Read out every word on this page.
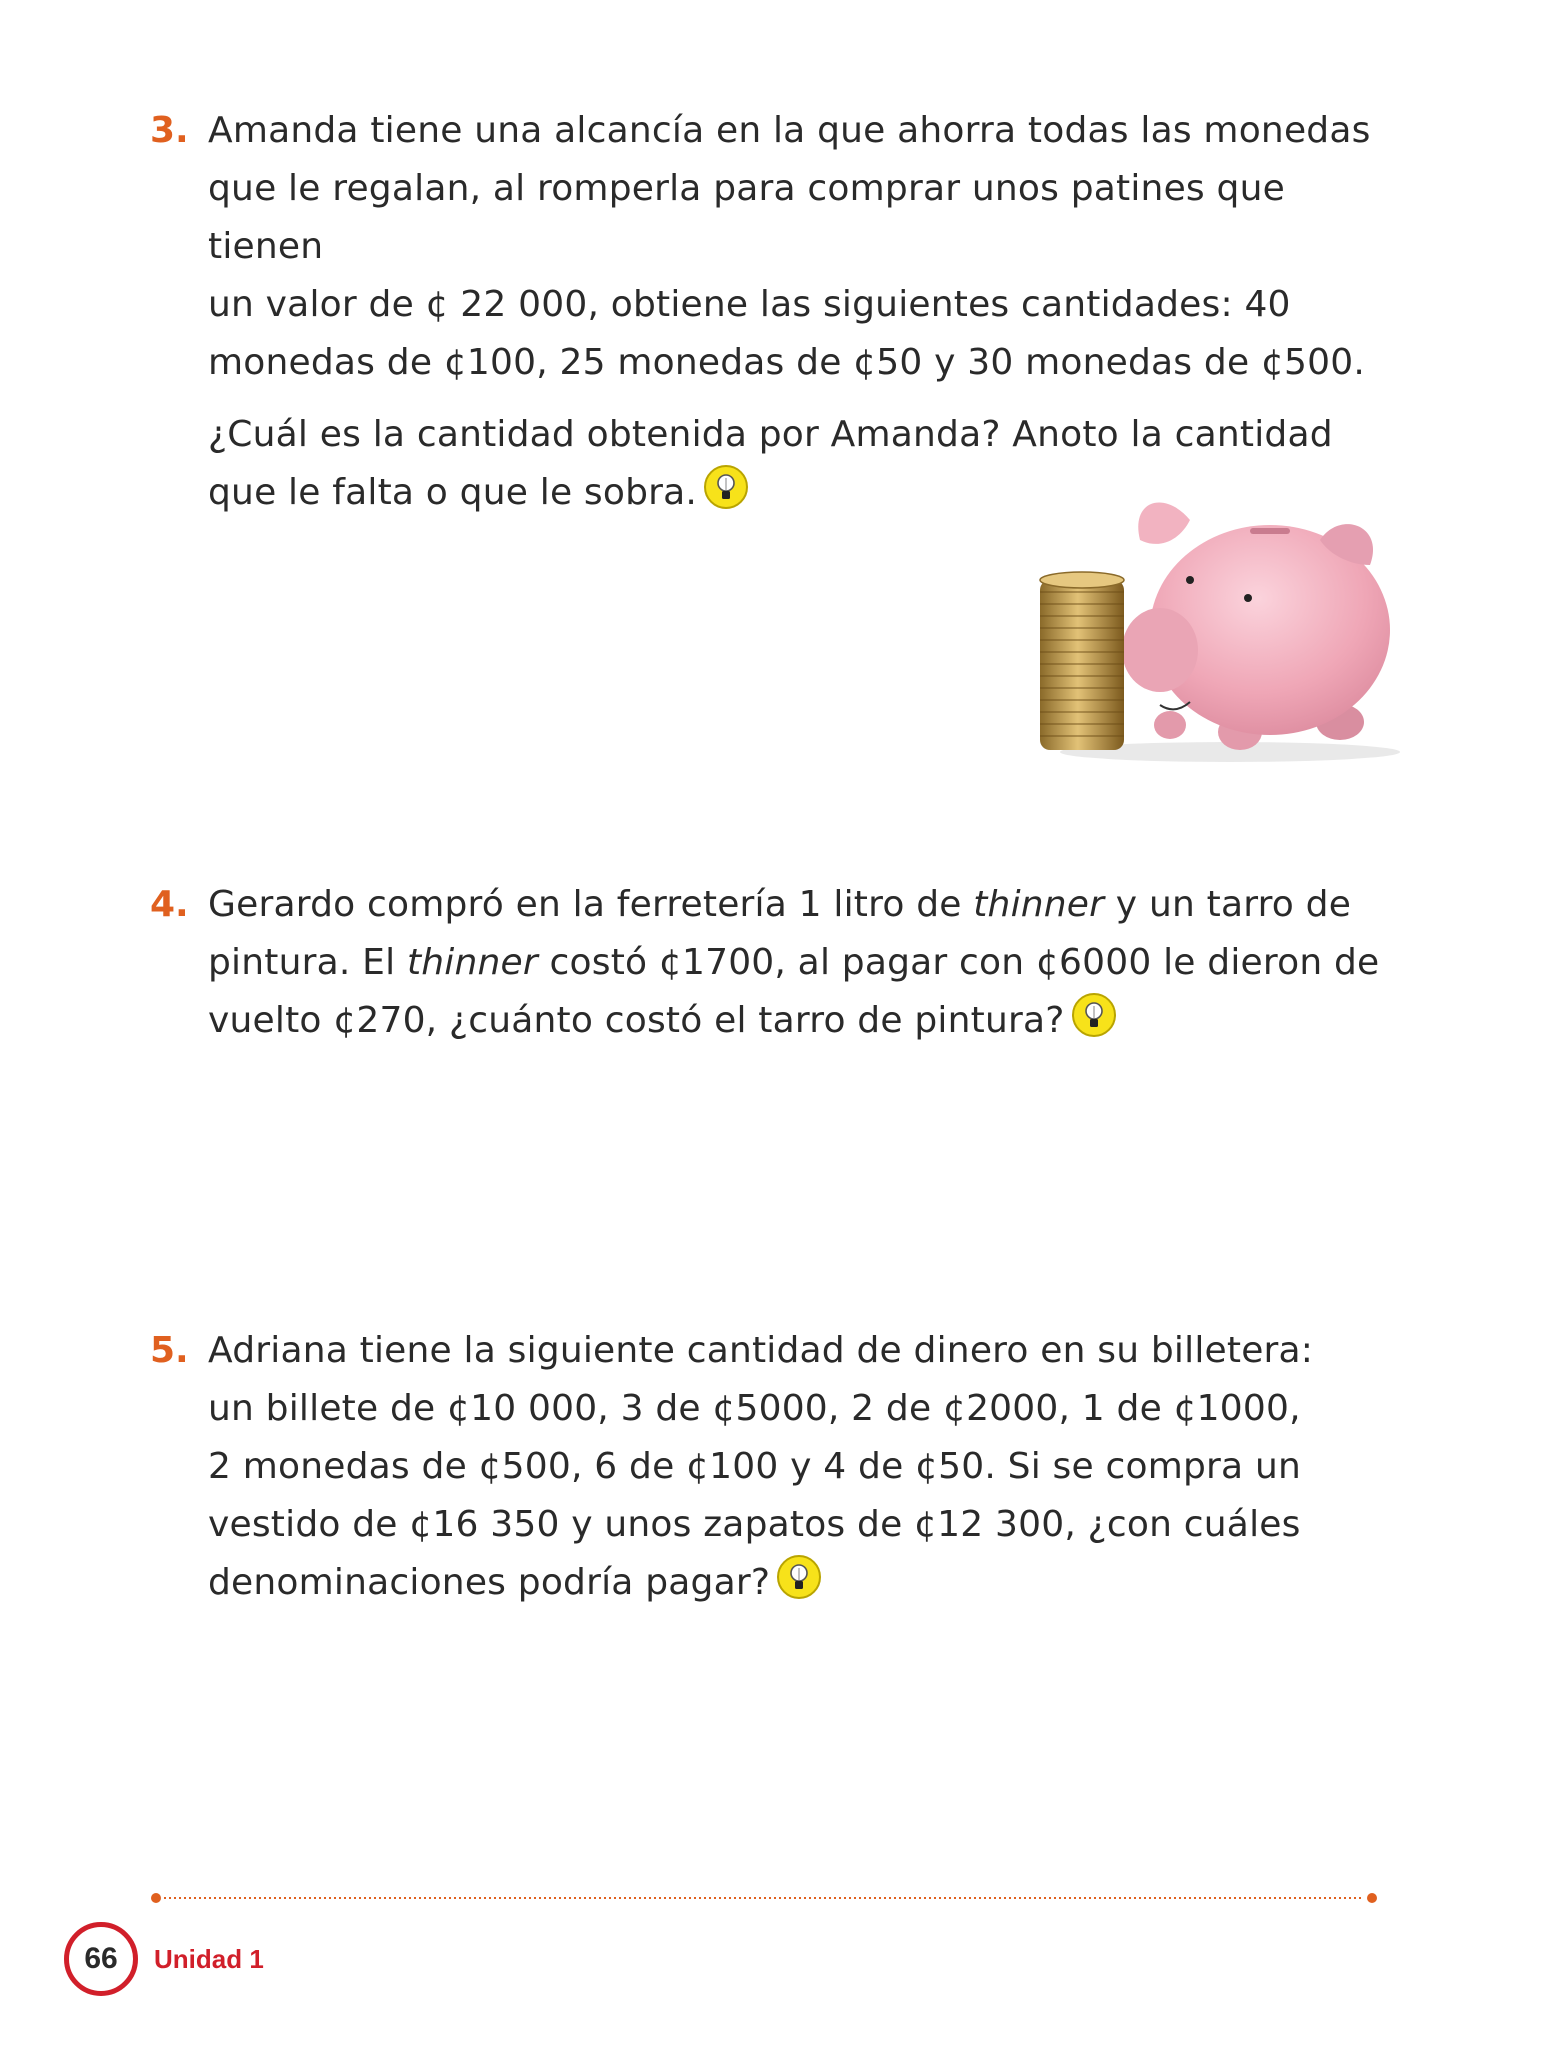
3. Amanda tiene una alcancía en la que ahorra todas las monedas

que le regalan, al romperla para comprar unos patines que tienen

un valor de ¢ 22 000, obtiene las siguientes cantidades: 40

monedas de ¢100, 25 monedas de ¢50 y 30 monedas de ¢500.

¿Cuál es la cantidad obtenida por Amanda? Anoto la cantidad

que le falta o que le sobra.

4. Gerardo compró en la ferretería 1 litro de thinner y un tarro de

pintura. El thinner costó ¢1700, al pagar con ¢6000 le dieron de

vuelto ¢270, ¿cuánto costó el tarro de pintura?

5. Adriana tiene la siguiente cantidad de dinero en su billetera:

un billete de ¢10 000, 3 de ¢5000, 2 de ¢2000, 1 de ¢1000,

2 monedas de ¢500, 6 de ¢100 y 4 de ¢50. Si se compra un

vestido de ¢16 350 y unos zapatos de ¢12 300, ¿con cuáles

denominaciones podría pagar?

66 Unidad 1
